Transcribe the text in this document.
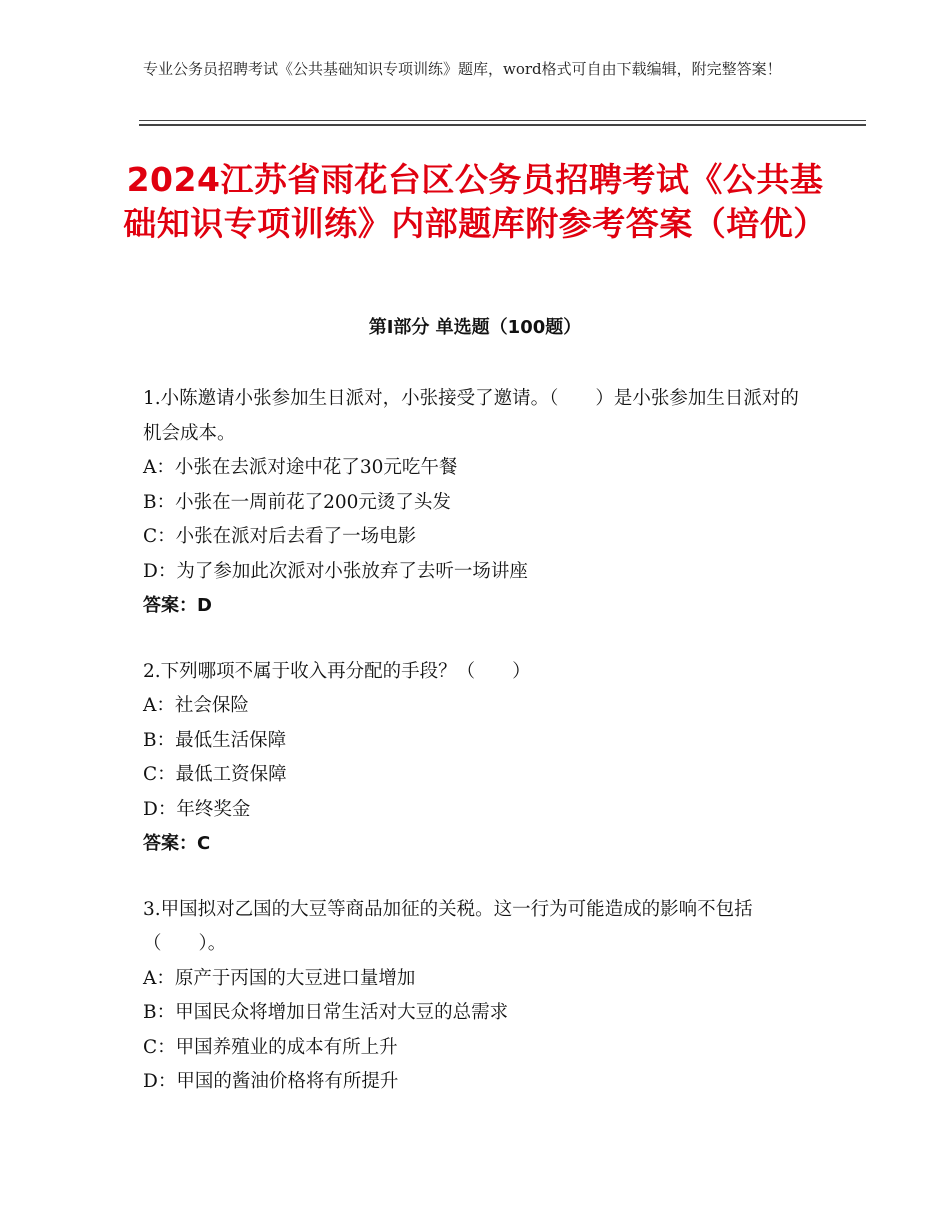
专业公务员招聘考试《公共基础知识专项训练》题库，word格式可自由下载编辑，附完整答案！
2024江苏省雨花台区公务员招聘考试《公共基础知识专项训练》内部题库附参考答案（培优）
第Ⅰ部分 单选题（100题）

1.小陈邀请小张参加生日派对，小张接受了邀请。（　　）是小张参加生日派对的机会成本。

A：小张在去派对途中花了30元吃午餐

B：小张在一周前花了200元烫了头发

C：小张在派对后去看了一场电影

D：为了参加此次派对小张放弃了去听一场讲座

答案：D

2.下列哪项不属于收入再分配的手段？（　　）

A：社会保险

B：最低生活保障

C：最低工资保障

D：年终奖金

答案：C

3.甲国拟对乙国的大豆等商品加征的关税。这一行为可能造成的影响不包括（　　）。

A：原产于丙国的大豆进口量增加

B：甲国民众将增加日常生活对大豆的总需求

C：甲国养殖业的成本有所上升

D：甲国的酱油价格将有所提升
